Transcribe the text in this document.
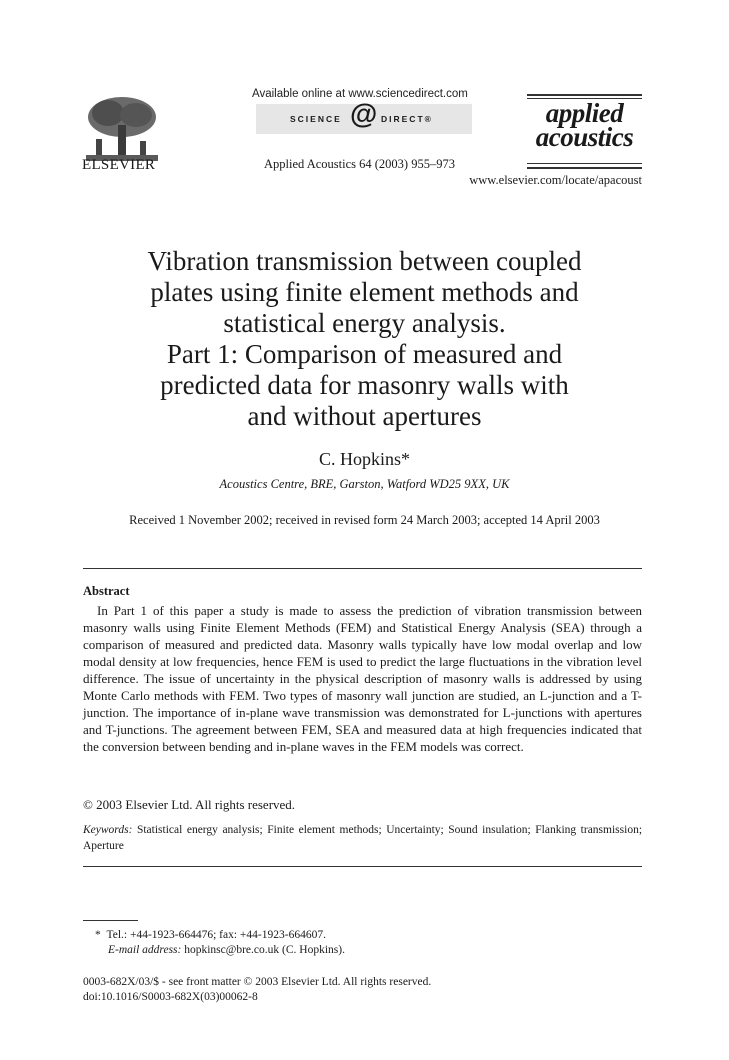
ELSEVIER
Available online at www.sciencedirect.com
SCIENCE @ DIRECT®
Applied Acoustics 64 (2003) 955–973
applied
acoustics
www.elsevier.com/locate/apacoust
Vibration transmission between coupled
plates using finite element methods and
statistical energy analysis.
Part 1: Comparison of measured and
predicted data for masonry walls with
and without apertures
C. Hopkins*
Acoustics Centre, BRE, Garston, Watford WD25 9XX, UK
Received 1 November 2002; received in revised form 24 March 2003; accepted 14 April 2003
Abstract

In Part 1 of this paper a study is made to assess the prediction of vibration transmission between masonry walls using Finite Element Methods (FEM) and Statistical Energy Analysis (SEA) through a comparison of measured and predicted data. Masonry walls typically have low modal overlap and low modal density at low frequencies, hence FEM is used to predict the large fluctuations in the vibration level difference. The issue of uncertainty in the physical description of masonry walls is addressed by using Monte Carlo methods with FEM. Two types of masonry wall junction are studied, an L-junction and a T-junction. The importance of in-plane wave transmission was demonstrated for L-junctions with apertures and T-junctions. The agreement between FEM, SEA and measured data at high frequencies indicated that the conversion between bending and in-plane waves in the FEM models was correct.

© 2003 Elsevier Ltd. All rights reserved.
Keywords: Statistical energy analysis; Finite element methods; Uncertainty; Sound insulation; Flanking transmission; Aperture
* Tel.: +44-1923-664476; fax: +44-1923-664607.
E-mail address: hopkinsc@bre.co.uk (C. Hopkins).
0003-682X/03/$ - see front matter © 2003 Elsevier Ltd. All rights reserved.
doi:10.1016/S0003-682X(03)00062-8
